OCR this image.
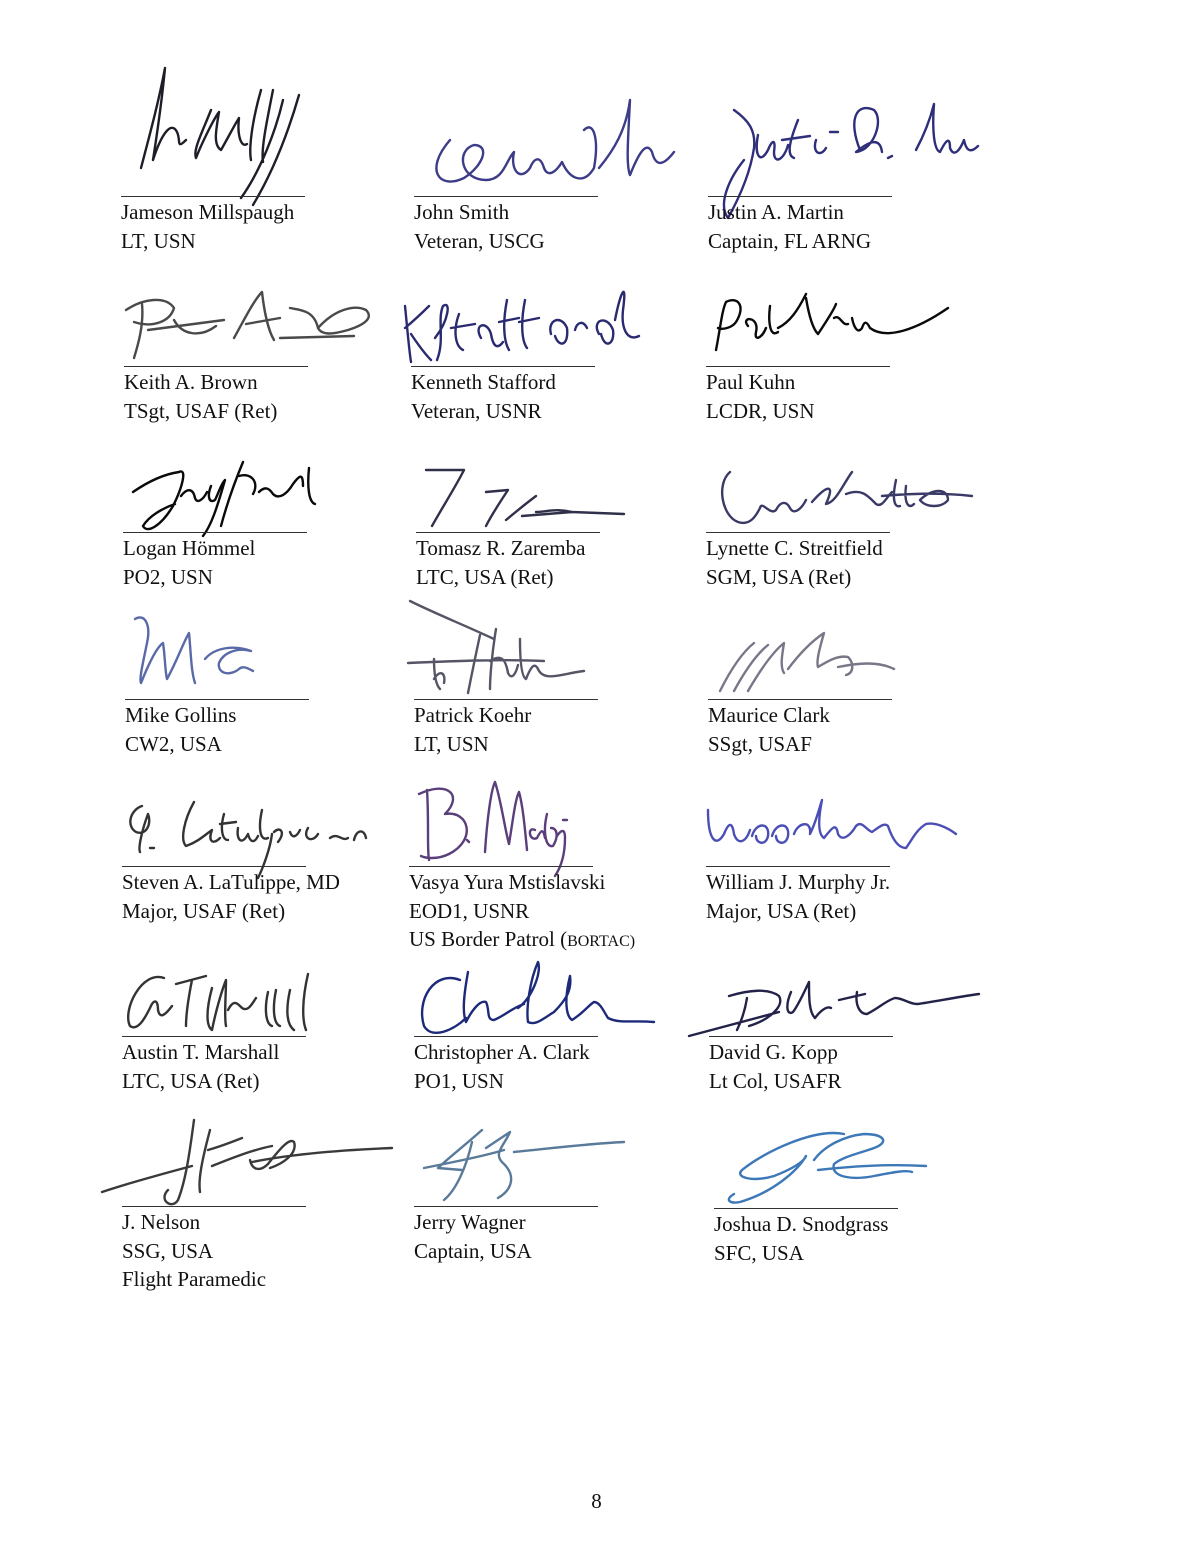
Jameson Millspaugh
LT, USN
John Smith
Veteran, USCG
Justin A. Martin
Captain, FL ARNG
Keith A. Brown
TSgt, USAF (Ret)
Kenneth Stafford
Veteran, USNR
Paul Kuhn
LCDR, USN
Logan Hömmel
PO2, USN
Tomasz R. Zaremba
LTC, USA (Ret)
Lynette C. Streitfield
SGM, USA (Ret)
Mike Gollins
CW2, USA
Patrick Koehr
LT, USN
Maurice Clark
SSgt, USAF
Steven A. LaTulippe, MD
Major, USAF (Ret)
Vasya Yura Mstislavski
EOD1, USNR
US Border Patrol (BORTAC)
William J. Murphy Jr.
Major, USA (Ret)
Austin T. Marshall
LTC, USA (Ret)
Christopher A. Clark
PO1, USN
David G. Kopp
Lt Col, USAFR
J. Nelson
SSG, USA
Flight Paramedic
Jerry Wagner
Captain, USA
Joshua D. Snodgrass
SFC, USA
8
